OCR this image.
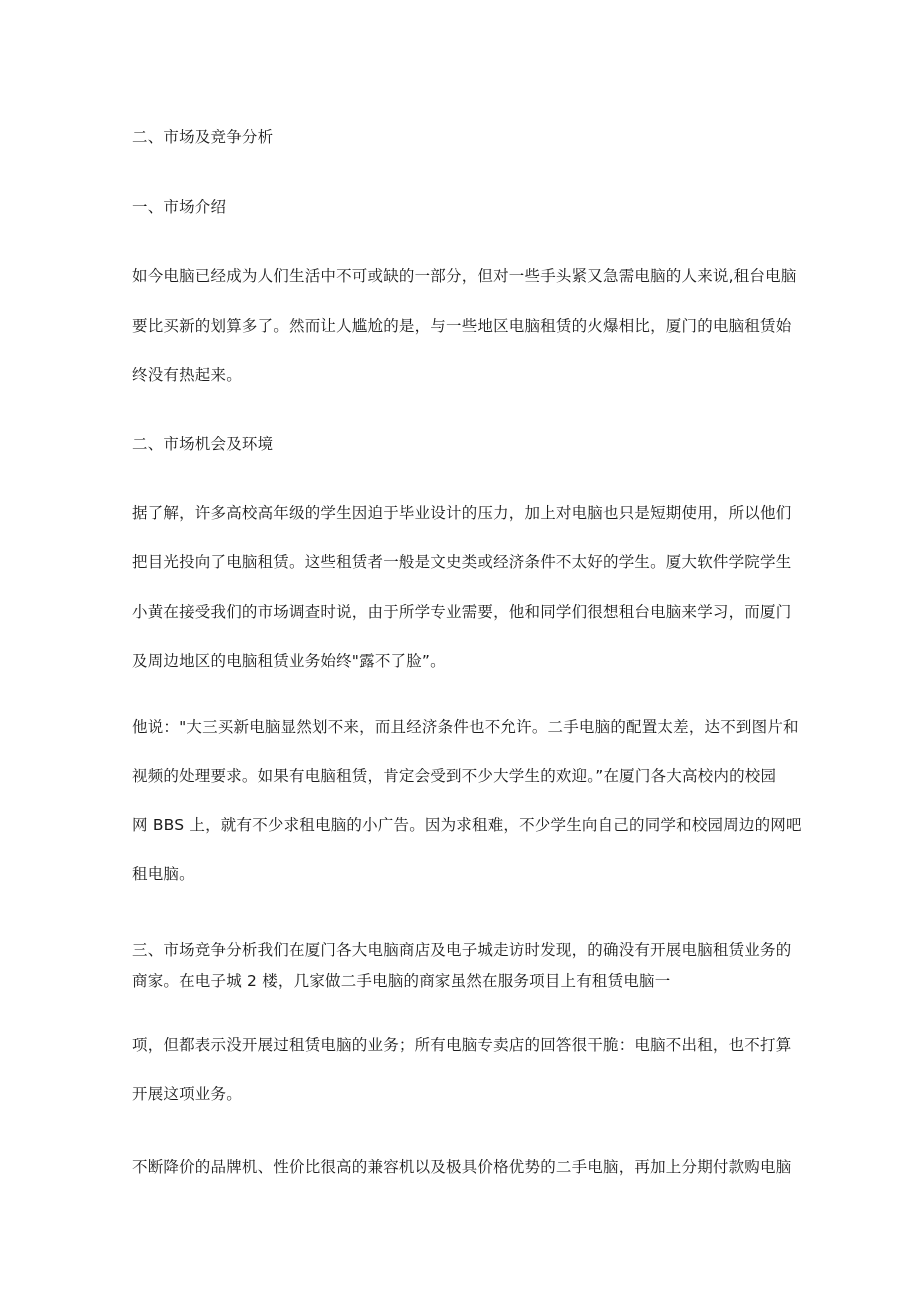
二、市场及竞争分析
一、市场介绍
如今电脑已经成为人们生活中不可或缺的一部分，但对一些手头紧又急需电脑的人来说,租台电脑
要比买新的划算多了。然而让人尴尬的是，与一些地区电脑租赁的火爆相比，厦门的电脑租赁始
终没有热起来。
二、市场机会及环境
据了解，许多高校高年级的学生因迫于毕业设计的压力，加上对电脑也只是短期使用，所以他们
把目光投向了电脑租赁。这些租赁者一般是文史类或经济条件不太好的学生。厦大软件学院学生
小黄在接受我们的市场调查时说，由于所学专业需要，他和同学们很想租台电脑来学习，而厦门
及周边地区的电脑租赁业务始终"露不了脸”。
他说："大三买新电脑显然划不来，而且经济条件也不允许。二手电脑的配置太差，达不到图片和
视频的处理要求。如果有电脑租赁，肯定会受到不少大学生的欢迎。”在厦门各大高校内的校园
网 BBS 上，就有不少求租电脑的小广告。因为求租难，不少学生向自己的同学和校园周边的网吧
租电脑。
三、市场竞争分析我们在厦门各大电脑商店及电子城走访时发现，的确没有开展电脑租赁业务的
商家。在电子城 2 楼，几家做二手电脑的商家虽然在服务项目上有租赁电脑一
项，但都表示没开展过租赁电脑的业务；所有电脑专卖店的回答很干脆：电脑不出租，也不打算
开展这项业务。
不断降价的品牌机、性价比很高的兼容机以及极具价格优势的二手电脑，再加上分期付款购电脑
